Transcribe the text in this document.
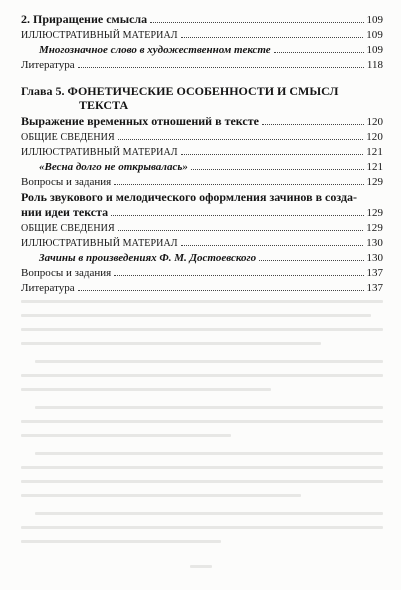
2. Приращение смысла	109
ИЛЛЮСТРАТИВНЫЙ МАТЕРИАЛ	109
Многозначное слово в художественном тексте	109
Литература	118
Глава 5. ФОНЕТИЧЕСКИЕ ОСОБЕННОСТИ И СМЫСЛ
ТЕКСТА
Выражение временных отношений в тексте	120
ОБЩИЕ СВЕДЕНИЯ	120
ИЛЛЮСТРАТИВНЫЙ МАТЕРИАЛ	121
«Весна долго не открывалась»	121
Вопросы и задания	129
Роль звукового и мелодического оформления зачинов в созда-
нии идеи текста	129
ОБЩИЕ СВЕДЕНИЯ	129
ИЛЛЮСТРАТИВНЫЙ МАТЕРИАЛ	130
Зачины в произведениях Ф. М. Достоевского	130
Вопросы и задания	137
Литература	137
